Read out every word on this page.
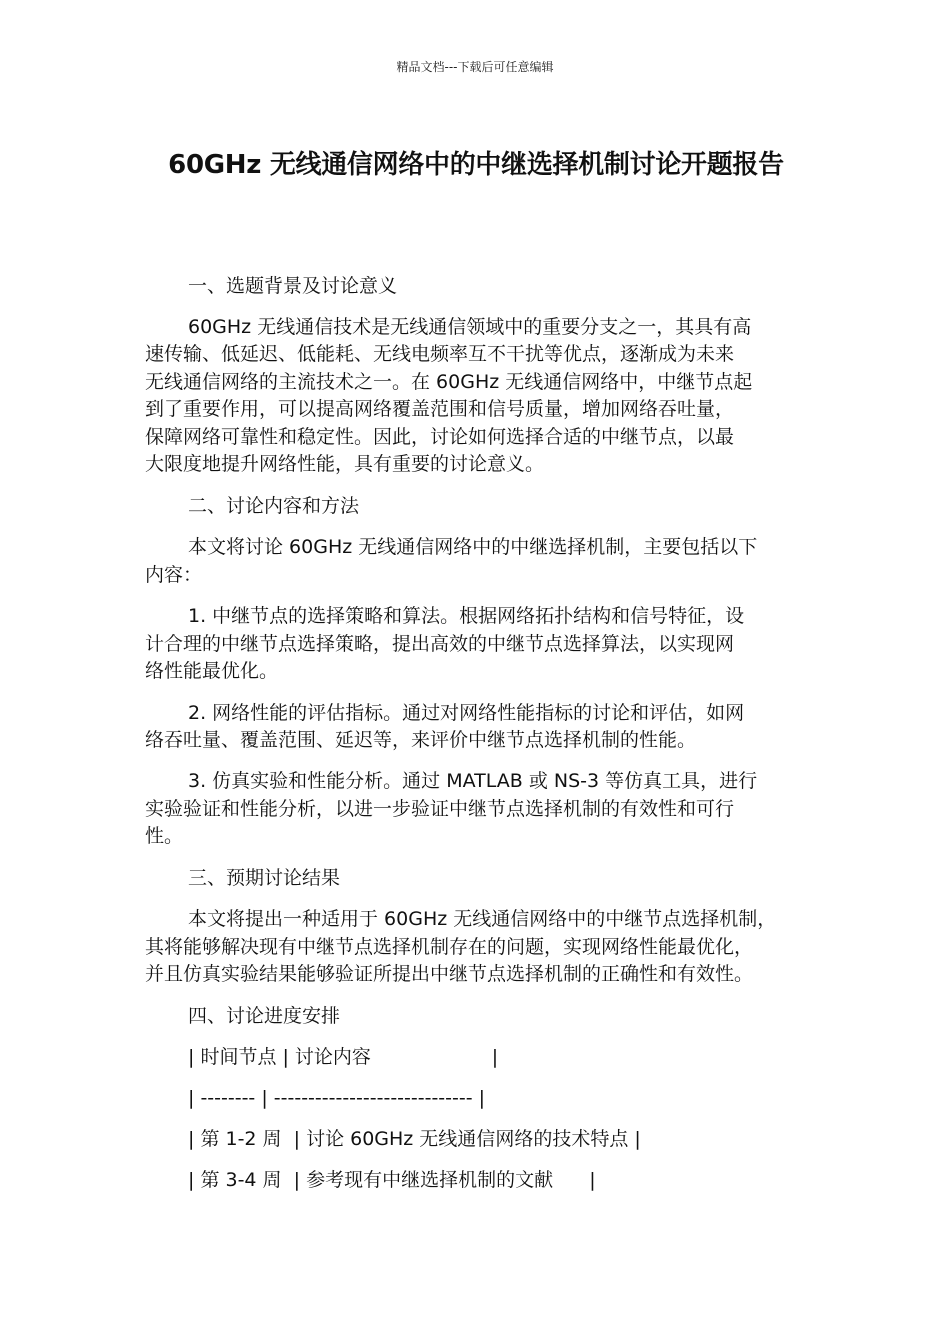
精品文档---下载后可任意编辑
60GHz 无线通信网络中的中继选择机制讨论开题报告
一、选题背景及讨论意义
60GHz 无线通信技术是无线通信领域中的重要分支之一，其具有高
速传输、低延迟、低能耗、无线电频率互不干扰等优点，逐渐成为未来
无线通信网络的主流技术之一。在 60GHz 无线通信网络中，中继节点起
到了重要作用，可以提高网络覆盖范围和信号质量，增加网络吞吐量，
保障网络可靠性和稳定性。因此，讨论如何选择合适的中继节点，以最
大限度地提升网络性能，具有重要的讨论意义。
二、讨论内容和方法
本文将讨论 60GHz 无线通信网络中的中继选择机制，主要包括以下
内容：
1. 中继节点的选择策略和算法。根据网络拓扑结构和信号特征，设
计合理的中继节点选择策略，提出高效的中继节点选择算法，以实现网
络性能最优化。
2. 网络性能的评估指标。通过对网络性能指标的讨论和评估，如网
络吞吐量、覆盖范围、延迟等，来评价中继节点选择机制的性能。
3. 仿真实验和性能分析。通过 MATLAB 或 NS-3 等仿真工具，进行
实验验证和性能分析，以进一步验证中继节点选择机制的有效性和可行
性。
三、预期讨论结果
本文将提出一种适用于 60GHz 无线通信网络中的中继节点选择机制，
其将能够解决现有中继节点选择机制存在的问题，实现网络性能最优化，
并且仿真实验结果能够验证所提出中继节点选择机制的正确性和有效性。
四、讨论进度安排
| 时间节点 | 讨论内容                    |
| -------- | ----------------------------- |
| 第 1-2 周  | 讨论 60GHz 无线通信网络的技术特点 |
| 第 3-4 周  | 参考现有中继选择机制的文献      |
